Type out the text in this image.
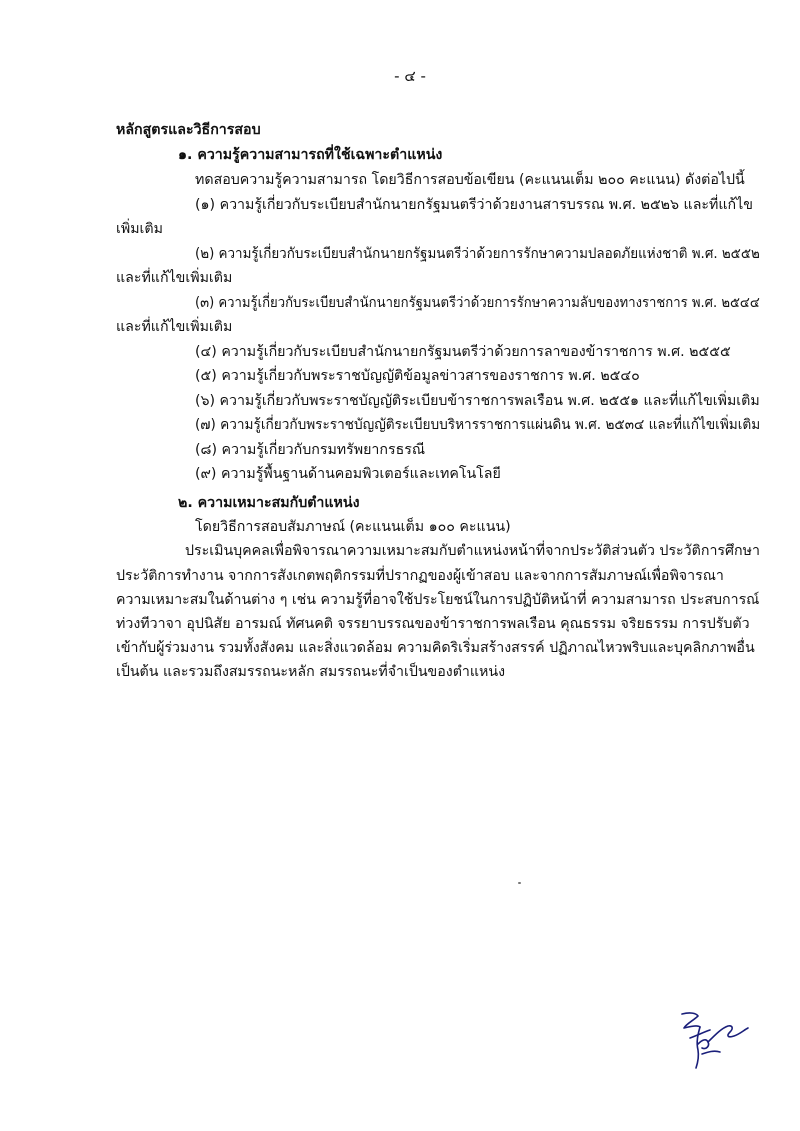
- ๔ -
หลักสูตรและวิธีการสอบ
๑. ความรู้ความสามารถที่ใช้เฉพาะตำแหน่ง
ทดสอบความรู้ความสามารถ โดยวิธีการสอบข้อเขียน (คะแนนเต็ม ๒๐๐ คะแนน) ดังต่อไปนี้
(๑) ความรู้เกี่ยวกับระเบียบสำนักนายกรัฐมนตรีว่าด้วยงานสารบรรณ พ.ศ. ๒๕๒๖ และที่แก้ไข
เพิ่มเติม
(๒) ความรู้เกี่ยวกับระเบียบสำนักนายกรัฐมนตรีว่าด้วยการรักษาความปลอดภัยแห่งชาติ พ.ศ. ๒๕๕๒
และที่แก้ไขเพิ่มเติม
(๓) ความรู้เกี่ยวกับระเบียบสำนักนายกรัฐมนตรีว่าด้วยการรักษาความลับของทางราชการ พ.ศ. ๒๕๔๔
และที่แก้ไขเพิ่มเติม
(๔) ความรู้เกี่ยวกับระเบียบสำนักนายกรัฐมนตรีว่าด้วยการลาของข้าราชการ พ.ศ. ๒๕๕๕
(๕) ความรู้เกี่ยวกับพระราชบัญญัติข้อมูลข่าวสารของราชการ พ.ศ. ๒๕๔๐
(๖) ความรู้เกี่ยวกับพระราชบัญญัติระเบียบข้าราชการพลเรือน พ.ศ. ๒๕๕๑ และที่แก้ไขเพิ่มเติม
(๗) ความรู้เกี่ยวกับพระราชบัญญัติระเบียบบริหารราชการแผ่นดิน พ.ศ. ๒๕๓๔ และที่แก้ไขเพิ่มเติม
(๘) ความรู้เกี่ยวกับกรมทรัพยากรธรณี
(๙) ความรู้พื้นฐานด้านคอมพิวเตอร์และเทคโนโลยี
๒. ความเหมาะสมกับตำแหน่ง
โดยวิธีการสอบสัมภาษณ์ (คะแนนเต็ม ๑๐๐ คะแนน)
ประเมินบุคคลเพื่อพิจารณาความเหมาะสมกับตำแหน่งหน้าที่จากประวัติส่วนตัว ประวัติการศึกษา
ประวัติการทำงาน จากการสังเกตพฤติกรรมที่ปรากฏของผู้เข้าสอบ และจากการสัมภาษณ์เพื่อพิจารณา
ความเหมาะสมในด้านต่าง ๆ เช่น ความรู้ที่อาจใช้ประโยชน์ในการปฏิบัติหน้าที่ ความสามารถ ประสบการณ์
ท่วงทีวาจา อุปนิสัย อารมณ์ ทัศนคติ จรรยาบรรณของข้าราชการพลเรือน คุณธรรม จริยธรรม การปรับตัว
เข้ากับผู้ร่วมงาน รวมทั้งสังคม และสิ่งแวดล้อม ความคิดริเริ่มสร้างสรรค์ ปฏิภาณไหวพริบและบุคลิกภาพอื่น
เป็นต้น และรวมถึงสมรรถนะหลัก สมรรถนะที่จำเป็นของตำแหน่ง
